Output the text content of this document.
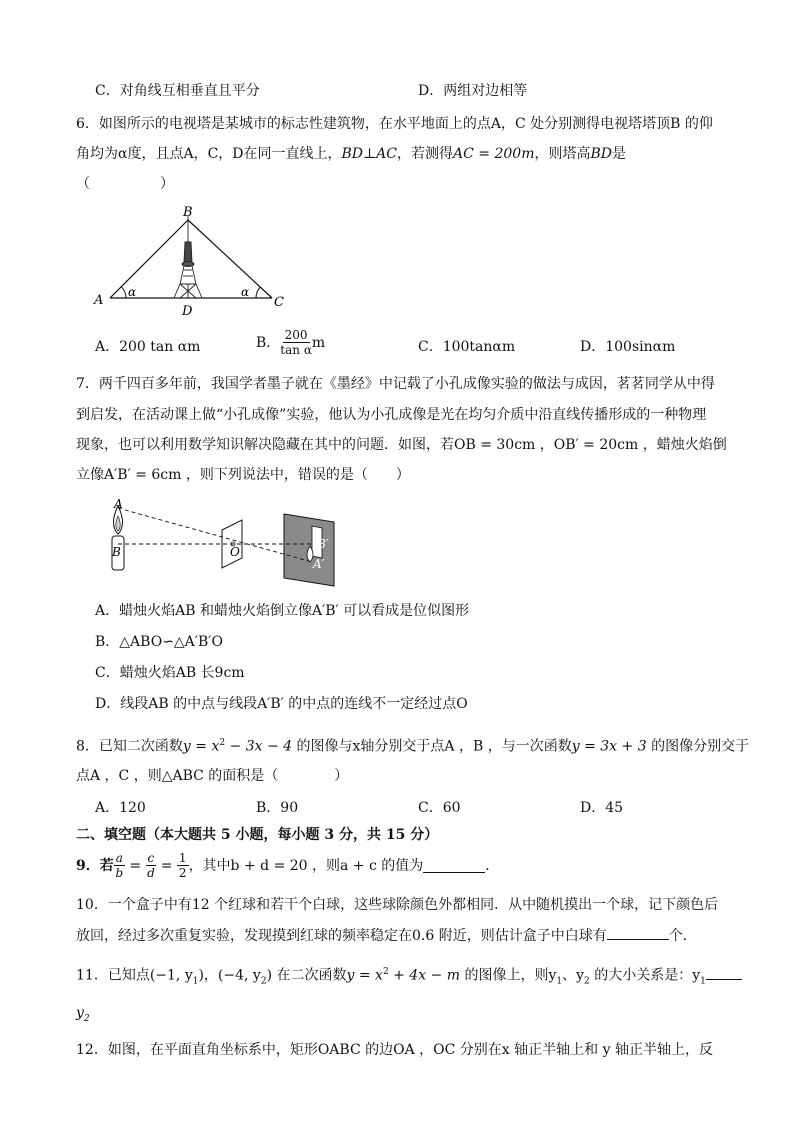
C．对角线互相垂直且平分	D．两组对边相等
6．如图所示的电视塔是某城市的标志性建筑物，在水平地面上的点A，C 处分别测得电视塔塔顶B 的仰
角均为α度，且点A，C，D在同一直线上，BD⊥AC，若测得AC = 200m，则塔高BD是
（　　　　　）
B
A	C
D
α	α
A．200 tan αm	B． $\frac{200}{\text{tan α}}$ m	C．100tanαm	D．100sinαm
7．两千四百多年前，我国学者墨子就在《墨经》中记载了小孔成像实验的做法与成因，茗茗同学从中得
到启发，在活动课上做“小孔成像”实验，他认为小孔成像是光在均匀介质中沿直线传播形成的一种物理
现象，也可以利用数学知识解决隐藏在其中的问题．如图，若OB = 30cm ，OB′ = 20cm ，蜡烛火焰倒
立像A′B′ = 6cm ，则下列说法中，错误的是（　　）
A
B	O
B′
A′
A．蜡烛火焰AB 和蜡烛火焰倒立像A′B′ 可以看成是位似图形
B．△ABO∽△A′B′O
C．蜡烛火焰AB 长9cm
D．线段AB 的中点与线段A′B′ 的中点的连线不一定经过点O
8．已知二次函数$y = x^2 - 3x - 4$ 的图像与x轴分别交于点A ，B ，与一次函数y = 3x + 3 的图像分别交于
点A ，C ，则△ABC 的面积是（　　　　）
A．120	B．90	C．60	D．45
二、填空题（本大题共 5 小题，每小题 3 分，共 15 分）
9．若 $\frac{a}{b} = \frac{c}{d} = \frac{1}{2}$ ，其中b + d = 20 ，则a + c 的值为	．
10．一个盒子中有12 个红球和若干个白球，这些球除颜色外都相同．从中随机摸出一个球，记下颜色后
放回，经过多次重复实验，发现摸到红球的频率稳定在0.6 附近，则估计盒子中白球有	个．
11．已知点(−1, $y_1$)，(−4, $y_2$) 在二次函数$y = x^2 + 4x - m$ 的图像上，则$y_1$、$y_2$ 的大小关系是：$y_1$
$y_2$
12．如图，在平面直角坐标系中，矩形OABC 的边OA ，OC 分别在x 轴正半轴上和 y 轴正半轴上，反
